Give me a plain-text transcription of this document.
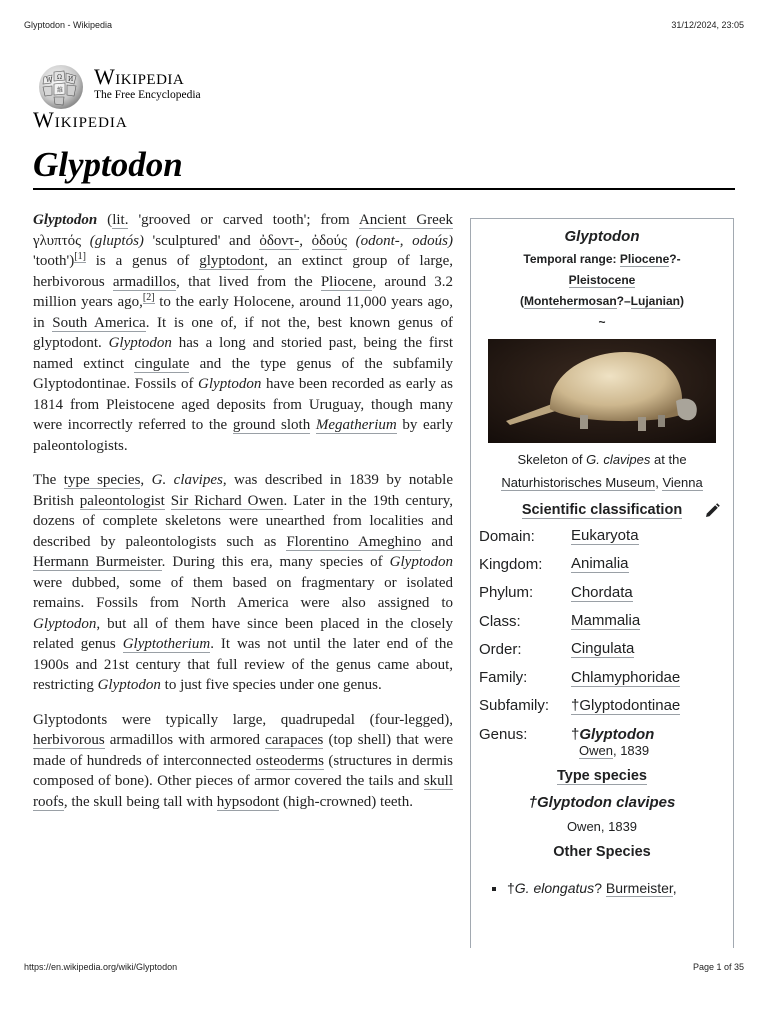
Glyptodon - Wikipedia	31/12/2024, 23:05
W Ω И
維
Wikipedia
The Free Encyclopedia
Wikipedia
Glyptodon

Glyptodon (lit. 'grooved or carved tooth'; from Ancient Greek γλυπτός (gluptós) 'sculptured' and ὀδοντ-, ὀδούς (odont-, odoús) 'tooth')[1] is a genus of glyptodont, an extinct group of large, herbivorous armadillos, that lived from the Pliocene, around 3.2 million years ago,[2] to the early Holocene, around 11,000 years ago, in South America. It is one of, if not the, best known genus of glyptodont. Glyptodon has a long and storied past, being the first named extinct cingulate and the type genus of the subfamily Glyptodontinae. Fossils of Glyptodon have been recorded as early as 1814 from Pleistocene aged deposits from Uruguay, though many were incorrectly referred to the ground sloth Megatherium by early paleontologists.

The type species, G. clavipes, was described in 1839 by notable British paleontologist Sir Richard Owen. Later in the 19th century, dozens of complete skeletons were unearthed from localities and described by paleontologists such as Florentino Ameghino and Hermann Burmeister. During this era, many species of Glyptodon were dubbed, some of them based on fragmentary or isolated remains. Fossils from North America were also assigned to Glyptodon, but all of them have since been placed in the closely related genus Glyptotherium. It was not until the later end of the 1900s and 21st century that full review of the genus came about, restricting Glyptodon to just five species under one genus.

Glyptodonts were typically large, quadrupedal (four-legged), herbivorous armadillos with armored carapaces (top shell) that were made of hundreds of interconnected osteoderms (structures in dermis composed of bone). Other pieces of armor covered the tails and skull roofs, the skull being tall with hypsodont (high-crowned) teeth.

Glyptodon
Temporal range: Pliocene?-
Pleistocene
(Montehermosan?–Lujanian)
~
Skeleton of G. clavipes at the
Naturhistorisches Museum, Vienna
Scientific classification
Domain:	Eukaryota
Kingdom:	Animalia
Phylum:	Chordata
Class:	Mammalia
Order:	Cingulata
Family:	Chlamyphoridae
Subfamily:	†Glyptodontinae
Genus:	† Glyptodon
Owen, 1839
Type species
†Glyptodon clavipes
Owen, 1839
Other Species
▪ †G. elongatus? Burmeister,
https://en.wikipedia.org/wiki/Glyptodon	Page 1 of 35
